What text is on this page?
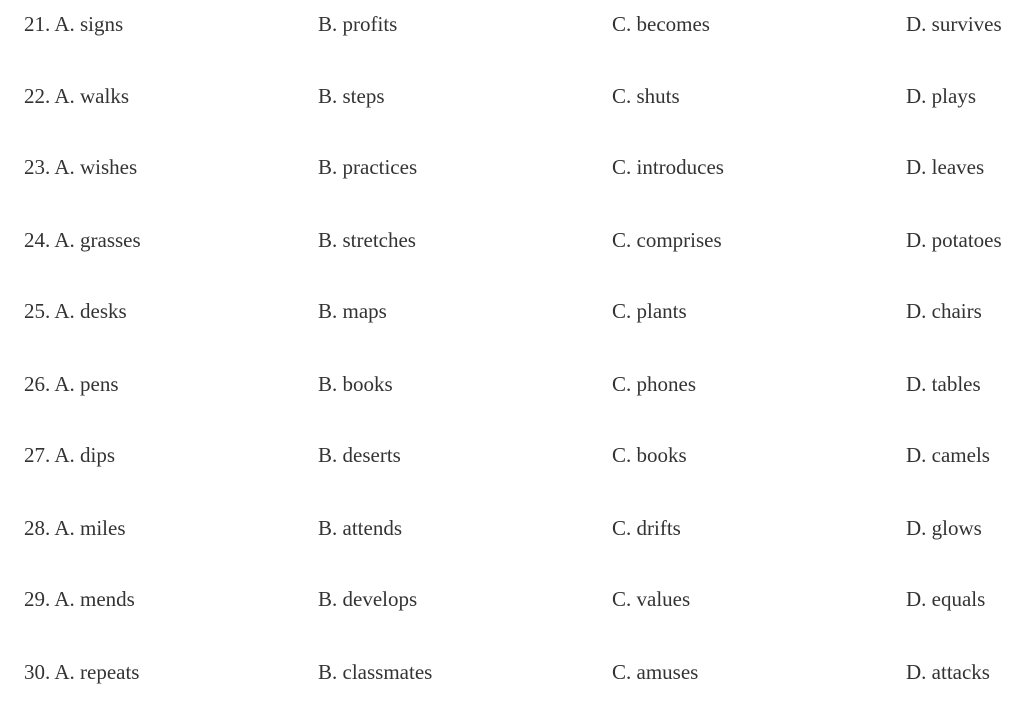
21. A. signs	B. profits	C. becomes	D. survives
22. A. walks	B. steps	C. shuts	D. plays
23. A. wishes	B. practices	C. introduces	D. leaves
24. A. grasses	B. stretches	C. comprises	D. potatoes
25. A. desks	B. maps	C. plants	D. chairs
26. A. pens	B. books	C. phones	D. tables
27. A. dips	B. deserts	C. books	D. camels
28. A. miles	B. attends	C. drifts	D. glows
29. A. mends	B. develops	C. values	D. equals
30. A. repeats	B. classmates	C. amuses	D. attacks
